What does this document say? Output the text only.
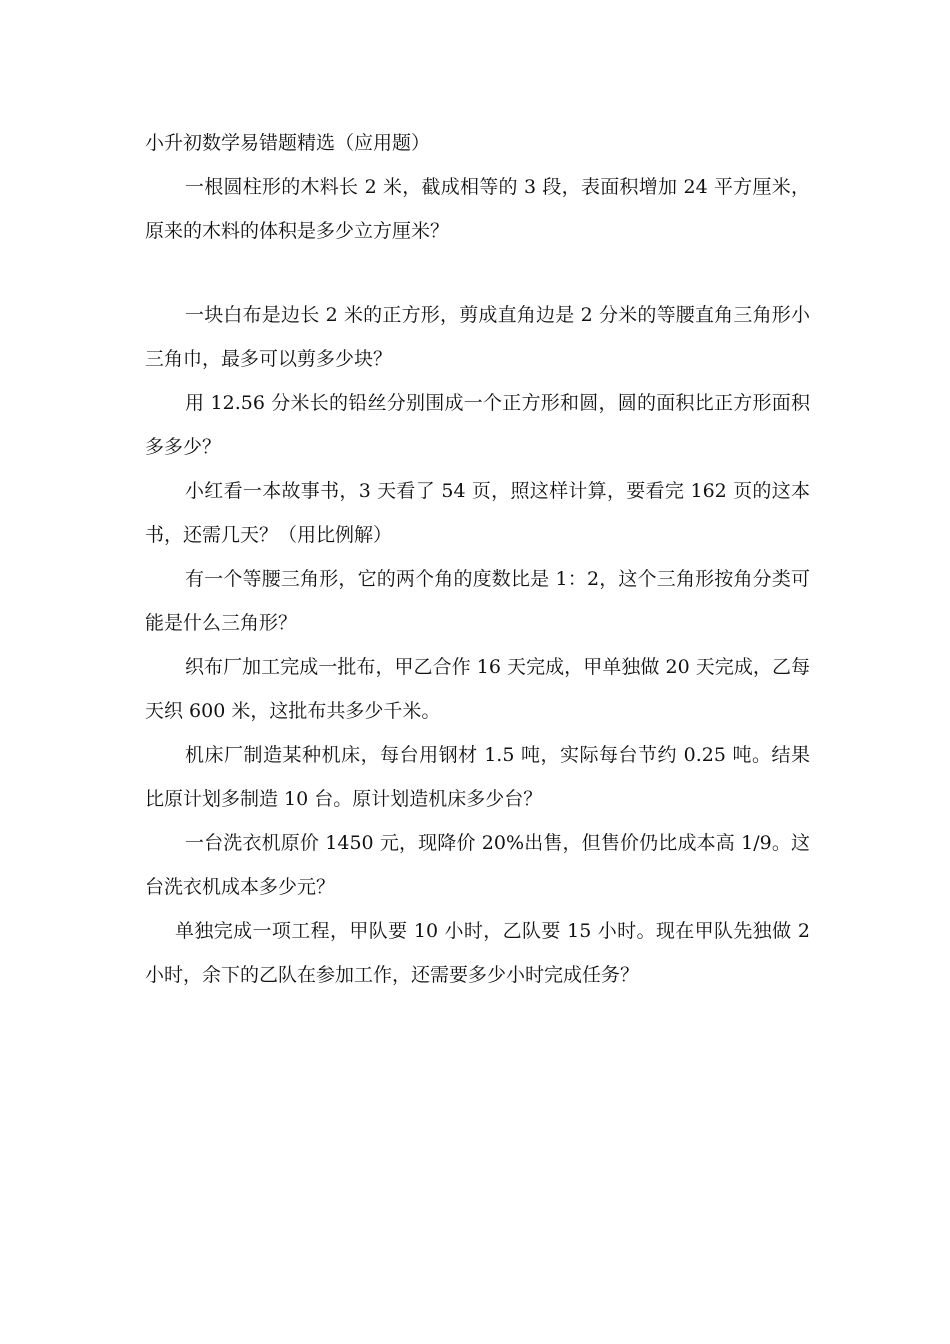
小升初数学易错题精选（应用题）

一根圆柱形的木料长 2 米，截成相等的 3 段，表面积增加 24 平方厘米，原来的木料的体积是多少立方厘米？

一块白布是边长 2 米的正方形，剪成直角边是 2 分米的等腰直角三角形小三角巾，最多可以剪多少块？

用 12.56 分米长的铅丝分别围成一个正方形和圆，圆的面积比正方形面积多多少？

小红看一本故事书，3 天看了 54 页，照这样计算，要看完 162 页的这本书，还需几天？（用比例解）

有一个等腰三角形，它的两个角的度数比是 1：2，这个三角形按角分类可能是什么三角形？

织布厂加工完成一批布，甲乙合作 16 天完成，甲单独做 20 天完成，乙每天织 600 米，这批布共多少千米。

机床厂制造某种机床，每台用钢材 1.5 吨，实际每台节约 0.25 吨。结果比原计划多制造 10 台。原计划造机床多少台？

一台洗衣机原价 1450 元，现降价 20%出售，但售价仍比成本高 1/9。这台洗衣机成本多少元？

单独完成一项工程，甲队要 10 小时，乙队要 15 小时。现在甲队先独做 2 小时，余下的乙队在参加工作，还需要多少小时完成任务？
